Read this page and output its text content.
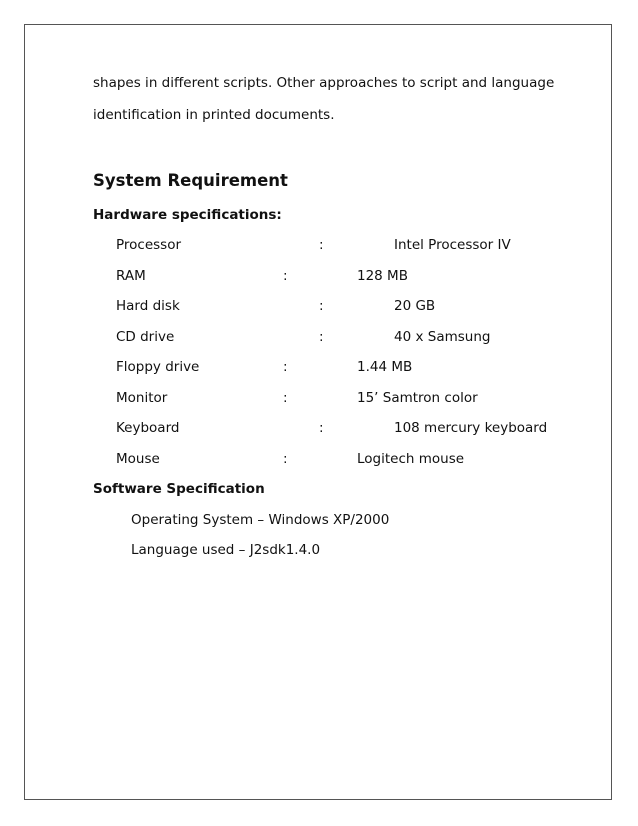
shapes in different scripts. Other approaches to script and language
identification in printed documents.
System Requirement
Hardware specifications:
Processor	:	Intel Processor IV
RAM	:	128 MB
Hard disk	:	20 GB
CD drive	:	40 x Samsung
Floppy drive	:	1.44 MB
Monitor	:	15’ Samtron color
Keyboard	:	108 mercury keyboard
Mouse	:	Logitech mouse
Software Specification
Operating System – Windows XP/2000
Language used – J2sdk1.4.0
